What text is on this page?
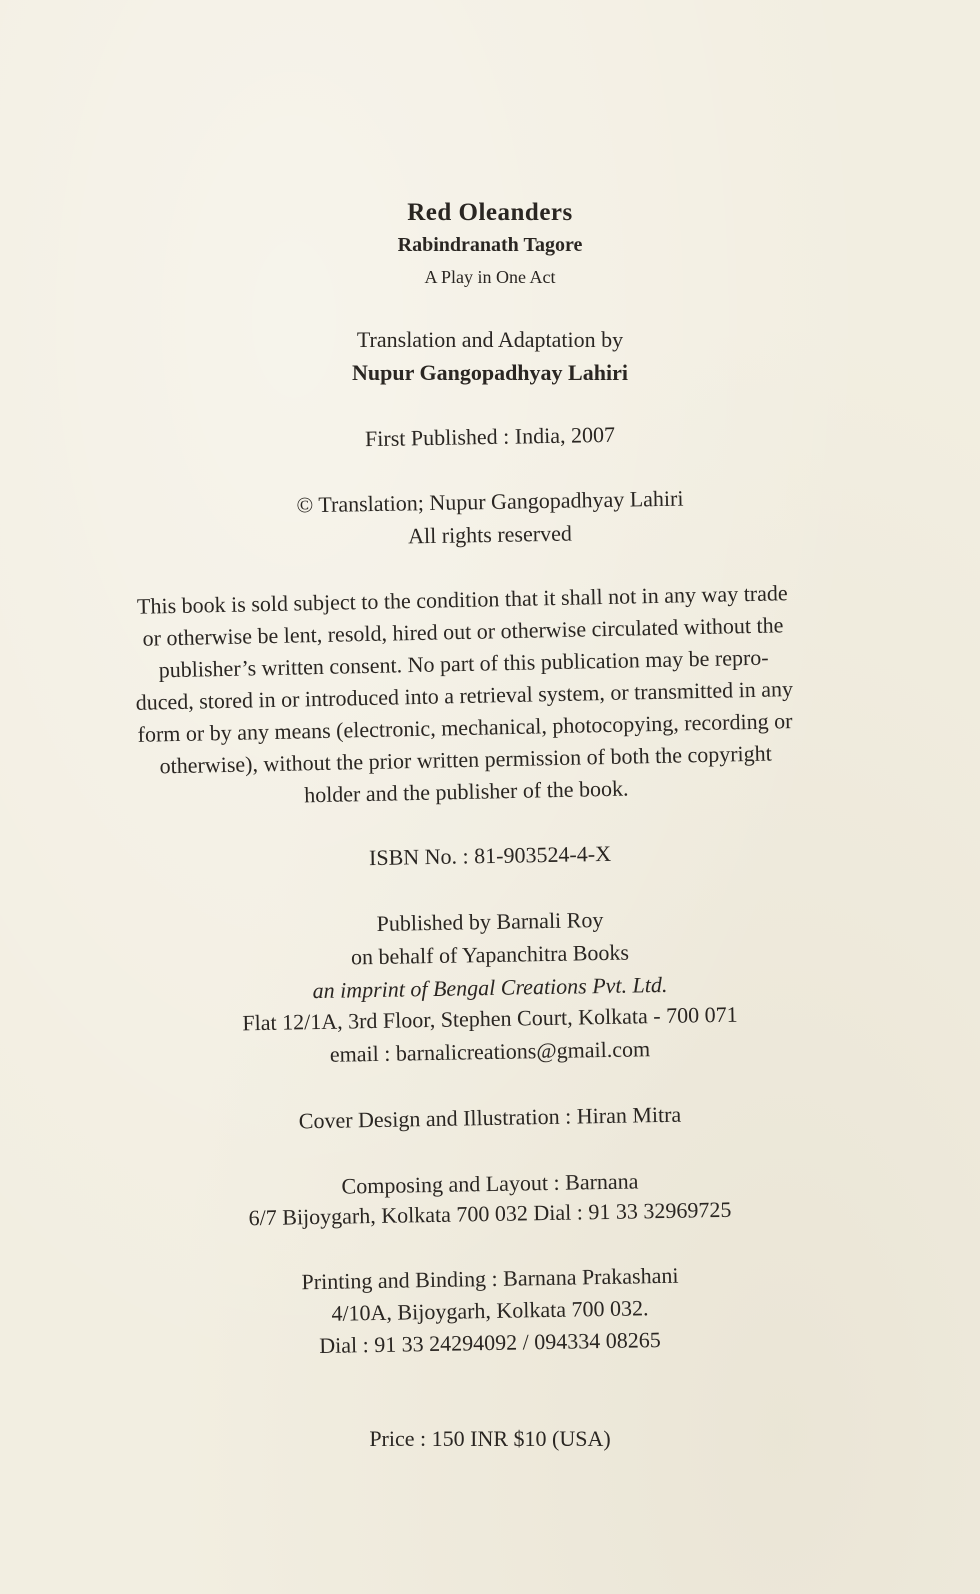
Red Oleanders
Rabindranath Tagore
A Play in One Act
Translation and Adaptation by
Nupur Gangopadhyay Lahiri
First Published : India, 2007
© Translation; Nupur Gangopadhyay Lahiri
All rights reserved
This book is sold subject to the condition that it shall not in any way trade
or otherwise be lent, resold, hired out or otherwise circulated without the
publisher’s written consent. No part of this publication may be repro-
duced, stored in or introduced into a retrieval system, or transmitted in any
form or by any means (electronic, mechanical, photocopying, recording or
otherwise), without the prior written permission of both the copyright
holder and the publisher of the book.
ISBN No. : 81-903524-4-X
Published by Barnali Roy
on behalf of Yapanchitra Books
an imprint of Bengal Creations Pvt. Ltd.
Flat 12/1A, 3rd Floor, Stephen Court, Kolkata - 700 071
email : barnalicreations@gmail.com
Cover Design and Illustration : Hiran Mitra
Composing and Layout : Barnana
6/7 Bijoygarh, Kolkata 700 032 Dial : 91 33 32969725
Printing and Binding : Barnana Prakashani
4/10A, Bijoygarh, Kolkata 700 032.
Dial : 91 33 24294092 / 094334 08265
Price : 150 INR $10 (USA)
